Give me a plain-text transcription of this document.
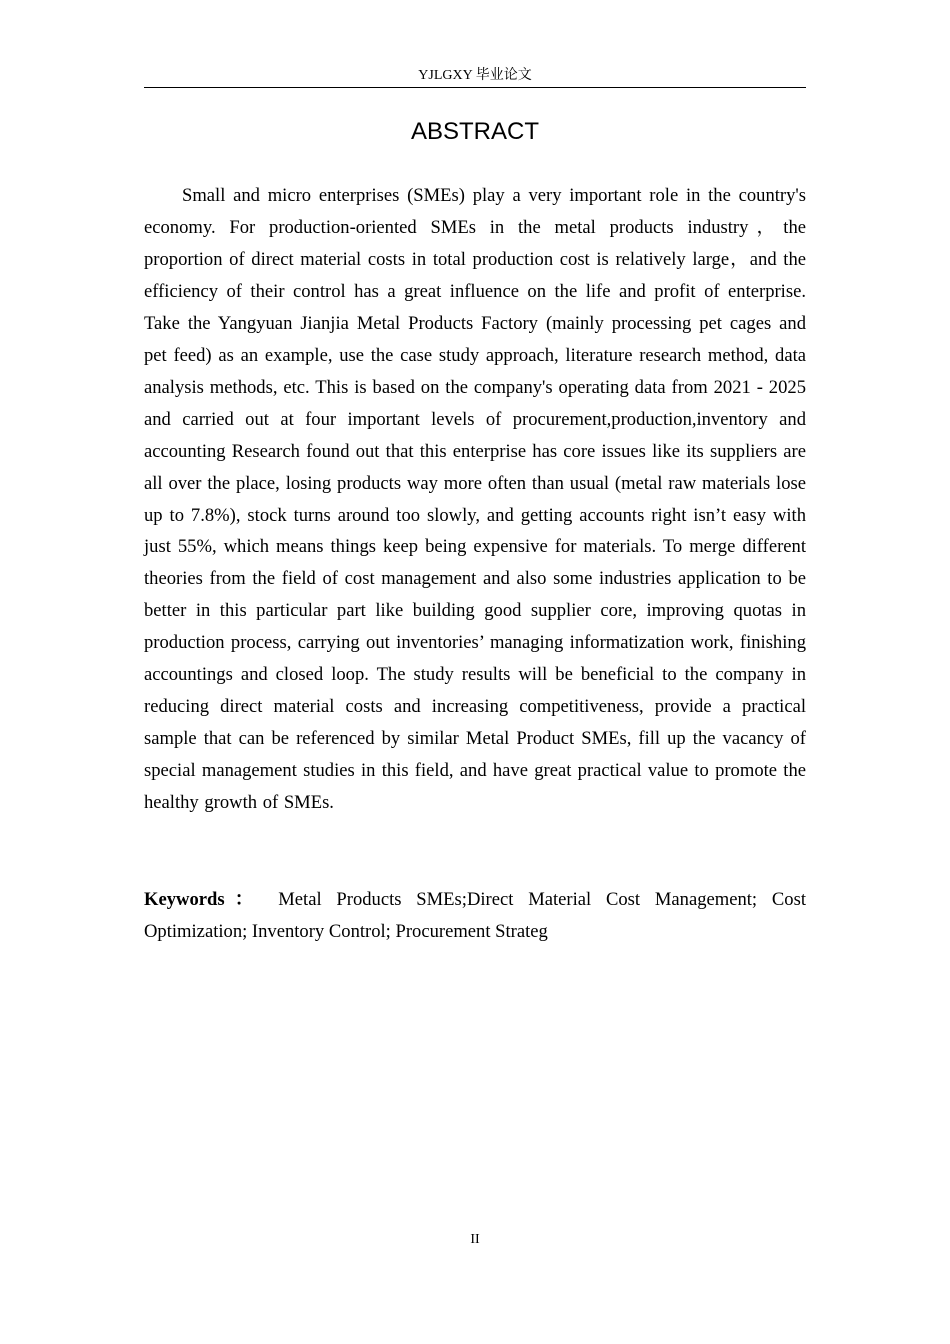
YJLGXY 毕业论文
ABSTRACT

Small and micro enterprises (SMEs) play a very important role in the country's economy. For production-oriented SMEs in the metal products industry，the proportion of direct material costs in total production cost is relatively large，and the efficiency of their control has a great influence on the life and profit of enterprise. Take the Yangyuan Jianjia Metal Products Factory (mainly processing pet cages and pet feed) as an example, use the case study approach, literature research method, data analysis methods, etc. This is based on the company's operating data from 2021 - 2025 and carried out at four important levels of procurement,production,inventory and accounting Research found out that this enterprise has core issues like its suppliers are all over the place, losing products way more often than usual (metal raw materials lose up to 7.8%), stock turns around too slowly, and getting accounts right isn’t easy with just 55%, which means things keep being expensive for materials. To merge different theories from the field of cost management and also some industries application to be better in this particular part like building good supplier core, improving quotas in production process, carrying out inventories’ managing informatization work, finishing accountings and closed loop. The study results will be beneficial to the company in reducing direct material costs and increasing competitiveness, provide a practical sample that can be referenced by similar Metal Product SMEs, fill up the vacancy of special management studies in this field, and have great practical value to promote the healthy growth of SMEs.

Keywords： Metal Products SMEs;Direct Material Cost Management; Cost Optimization; Inventory Control; Procurement Strateg

II
